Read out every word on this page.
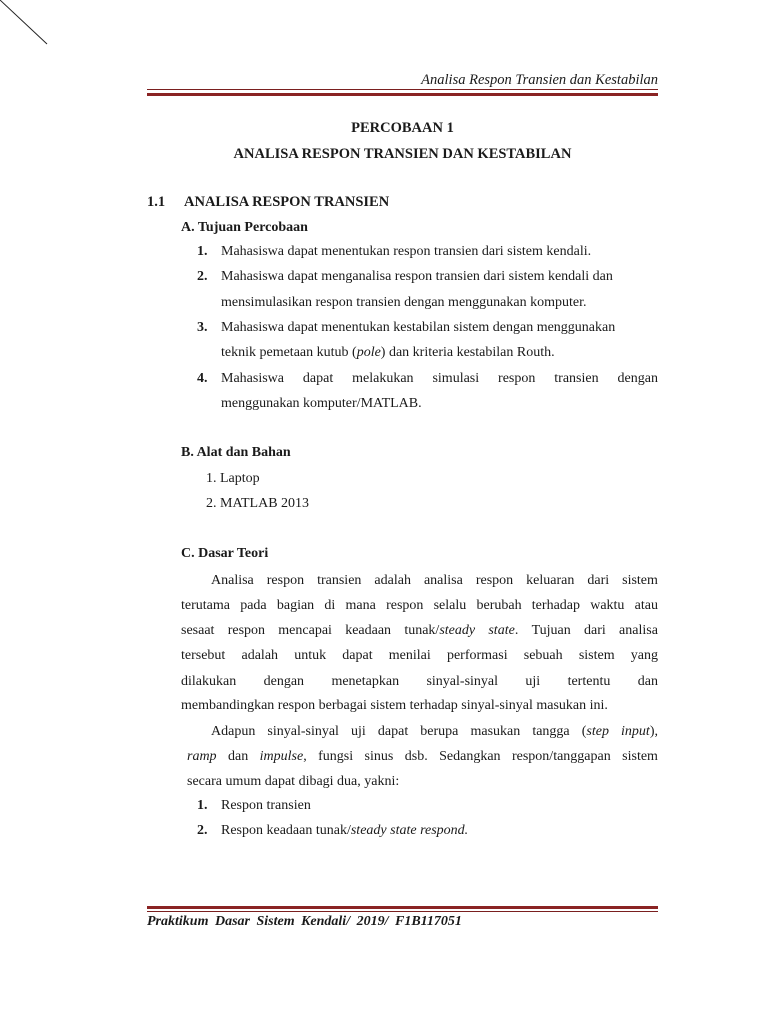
Analisa Respon Transien dan Kestabilan
PERCOBAAN 1
ANALISA RESPON TRANSIEN DAN KESTABILAN
1.1 ANALISA RESPON TRANSIEN
A. Tujuan Percobaan
1. Mahasiswa dapat menentukan respon transien dari sistem kendali.
2. Mahasiswa dapat menganalisa respon transien dari sistem kendali dan
mensimulasikan respon transien dengan menggunakan komputer.
3. Mahasiswa dapat menentukan kestabilan sistem dengan menggunakan
teknik pemetaan kutub (pole) dan kriteria kestabilan Routh.
4. Mahasiswa dapat melakukan simulasi respon transien dengan
menggunakan komputer/MATLAB.
B. Alat dan Bahan
1. Laptop
2. MATLAB 2013
C. Dasar Teori
Analisa respon transien adalah analisa respon keluaran dari sistem
terutama pada bagian di mana respon selalu berubah terhadap waktu atau
sesaat respon mencapai keadaan tunak/steady state. Tujuan dari analisa
tersebut adalah untuk dapat menilai performasi sebuah sistem yang
dilakukan dengan menetapkan sinyal-sinyal uji tertentu dan
membandingkan respon berbagai sistem terhadap sinyal-sinyal masukan ini.
Adapun sinyal-sinyal uji dapat berupa masukan tangga (step input),
ramp dan impulse, fungsi sinus dsb. Sedangkan respon/tanggapan sistem
secara umum dapat dibagi dua, yakni:
1. Respon transien
2. Respon keadaan tunak/steady state respond.
Praktikum Dasar Sistem Kendali/ 2019/ F1B117051
